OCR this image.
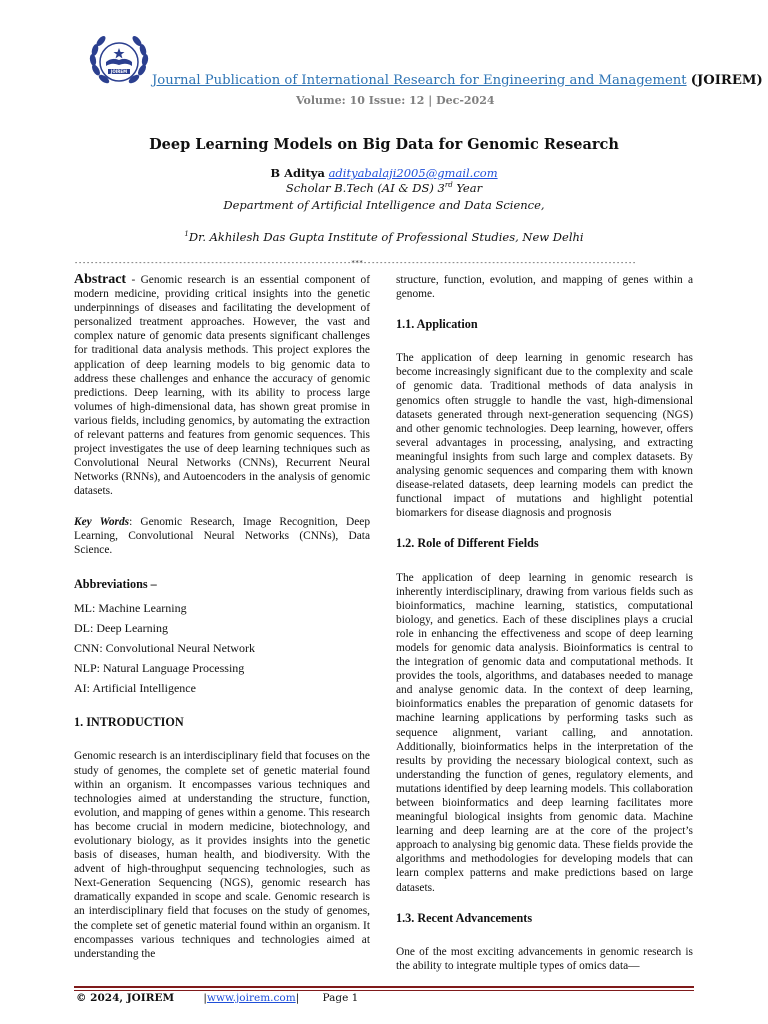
JOIREM
Journal Publication of International Research for Engineering and Management (JOIREM)
Volume: 10 Issue: 12 | Dec-2024
Deep Learning Models on Big Data for Genomic Research
B Aditya adityabalaji2005@gmail.com
Scholar B.Tech (AI & DS) 3rd Year
Department of Artificial Intelligence and Data Science,
$^1$Dr. Akhilesh Das Gupta Institute of Professional Studies, New Delhi
---------------------------------------------------------------------***--------------------------------------------------------------------

Abstract - Genomic research is an essential component of modern medicine, providing critical insights into the genetic underpinnings of diseases and facilitating the development of personalized treatment approaches. However, the vast and complex nature of genomic data presents significant challenges for traditional data analysis methods. This project explores the application of deep learning models to big genomic data to address these challenges and enhance the accuracy of genomic predictions. Deep learning, with its ability to process large volumes of high-dimensional data, has shown great promise in various fields, including genomics, by automating the extraction of relevant patterns and features from genomic sequences. This project investigates the use of deep learning techniques such as Convolutional Neural Networks (CNNs), Recurrent Neural Networks (RNNs), and Autoencoders in the analysis of genomic datasets.

Key Words: Genomic Research, Image Recognition, Deep Learning, Convolutional Neural Networks (CNNs), Data Science.

Abbreviations –

ML: Machine Learning

DL: Deep Learning

CNN: Convolutional Neural Network

NLP: Natural Language Processing

AI: Artificial Intelligence

1. INTRODUCTION

Genomic research is an interdisciplinary field that focuses on the study of genomes, the complete set of genetic material found within an organism. It encompasses various techniques and technologies aimed at understanding the structure, function, evolution, and mapping of genes within a genome. This research has become crucial in modern medicine, biotechnology, and evolutionary biology, as it provides insights into the genetic basis of diseases, human health, and biodiversity. With the advent of high-throughput sequencing technologies, such as Next-Generation Sequencing (NGS), genomic research has dramatically expanded in scope and scale. Genomic research is an interdisciplinary field that focuses on the study of genomes, the complete set of genetic material found within an organism. It encompasses various techniques and technologies aimed at understanding the

structure, function, evolution, and mapping of genes within a genome.

1.1. Application

The application of deep learning in genomic research has become increasingly significant due to the complexity and scale of genomic data. Traditional methods of data analysis in genomics often struggle to handle the vast, high-dimensional datasets generated through next-generation sequencing (NGS) and other genomic technologies. Deep learning, however, offers several advantages in processing, analysing, and extracting meaningful insights from such large and complex datasets. By analysing genomic sequences and comparing them with known disease-related datasets, deep learning models can predict the functional impact of mutations and highlight potential biomarkers for disease diagnosis and prognosis

1.2. Role of Different Fields

The application of deep learning in genomic research is inherently interdisciplinary, drawing from various fields such as bioinformatics, machine learning, statistics, computational biology, and genetics. Each of these disciplines plays a crucial role in enhancing the effectiveness and scope of deep learning models for genomic data analysis. Bioinformatics is central to the integration of genomic data and computational methods. It provides the tools, algorithms, and databases needed to manage and analyse genomic data. In the context of deep learning, bioinformatics enables the preparation of genomic datasets for machine learning applications by performing tasks such as sequence alignment, variant calling, and annotation. Additionally, bioinformatics helps in the interpretation of the results by providing the necessary biological context, such as understanding the function of genes, regulatory elements, and mutations identified by deep learning models. This collaboration between bioinformatics and deep learning facilitates more meaningful biological insights from genomic data. Machine learning and deep learning are at the core of the project’s approach to analysing big genomic data. These fields provide the algorithms and methodologies for developing models that can learn complex patterns and make predictions based on large datasets.

1.3. Recent Advancements

One of the most exciting advancements in genomic research is the ability to integrate multiple types of omics data—

© 2024, JOIREM	|www.joirem.com| Page 1
